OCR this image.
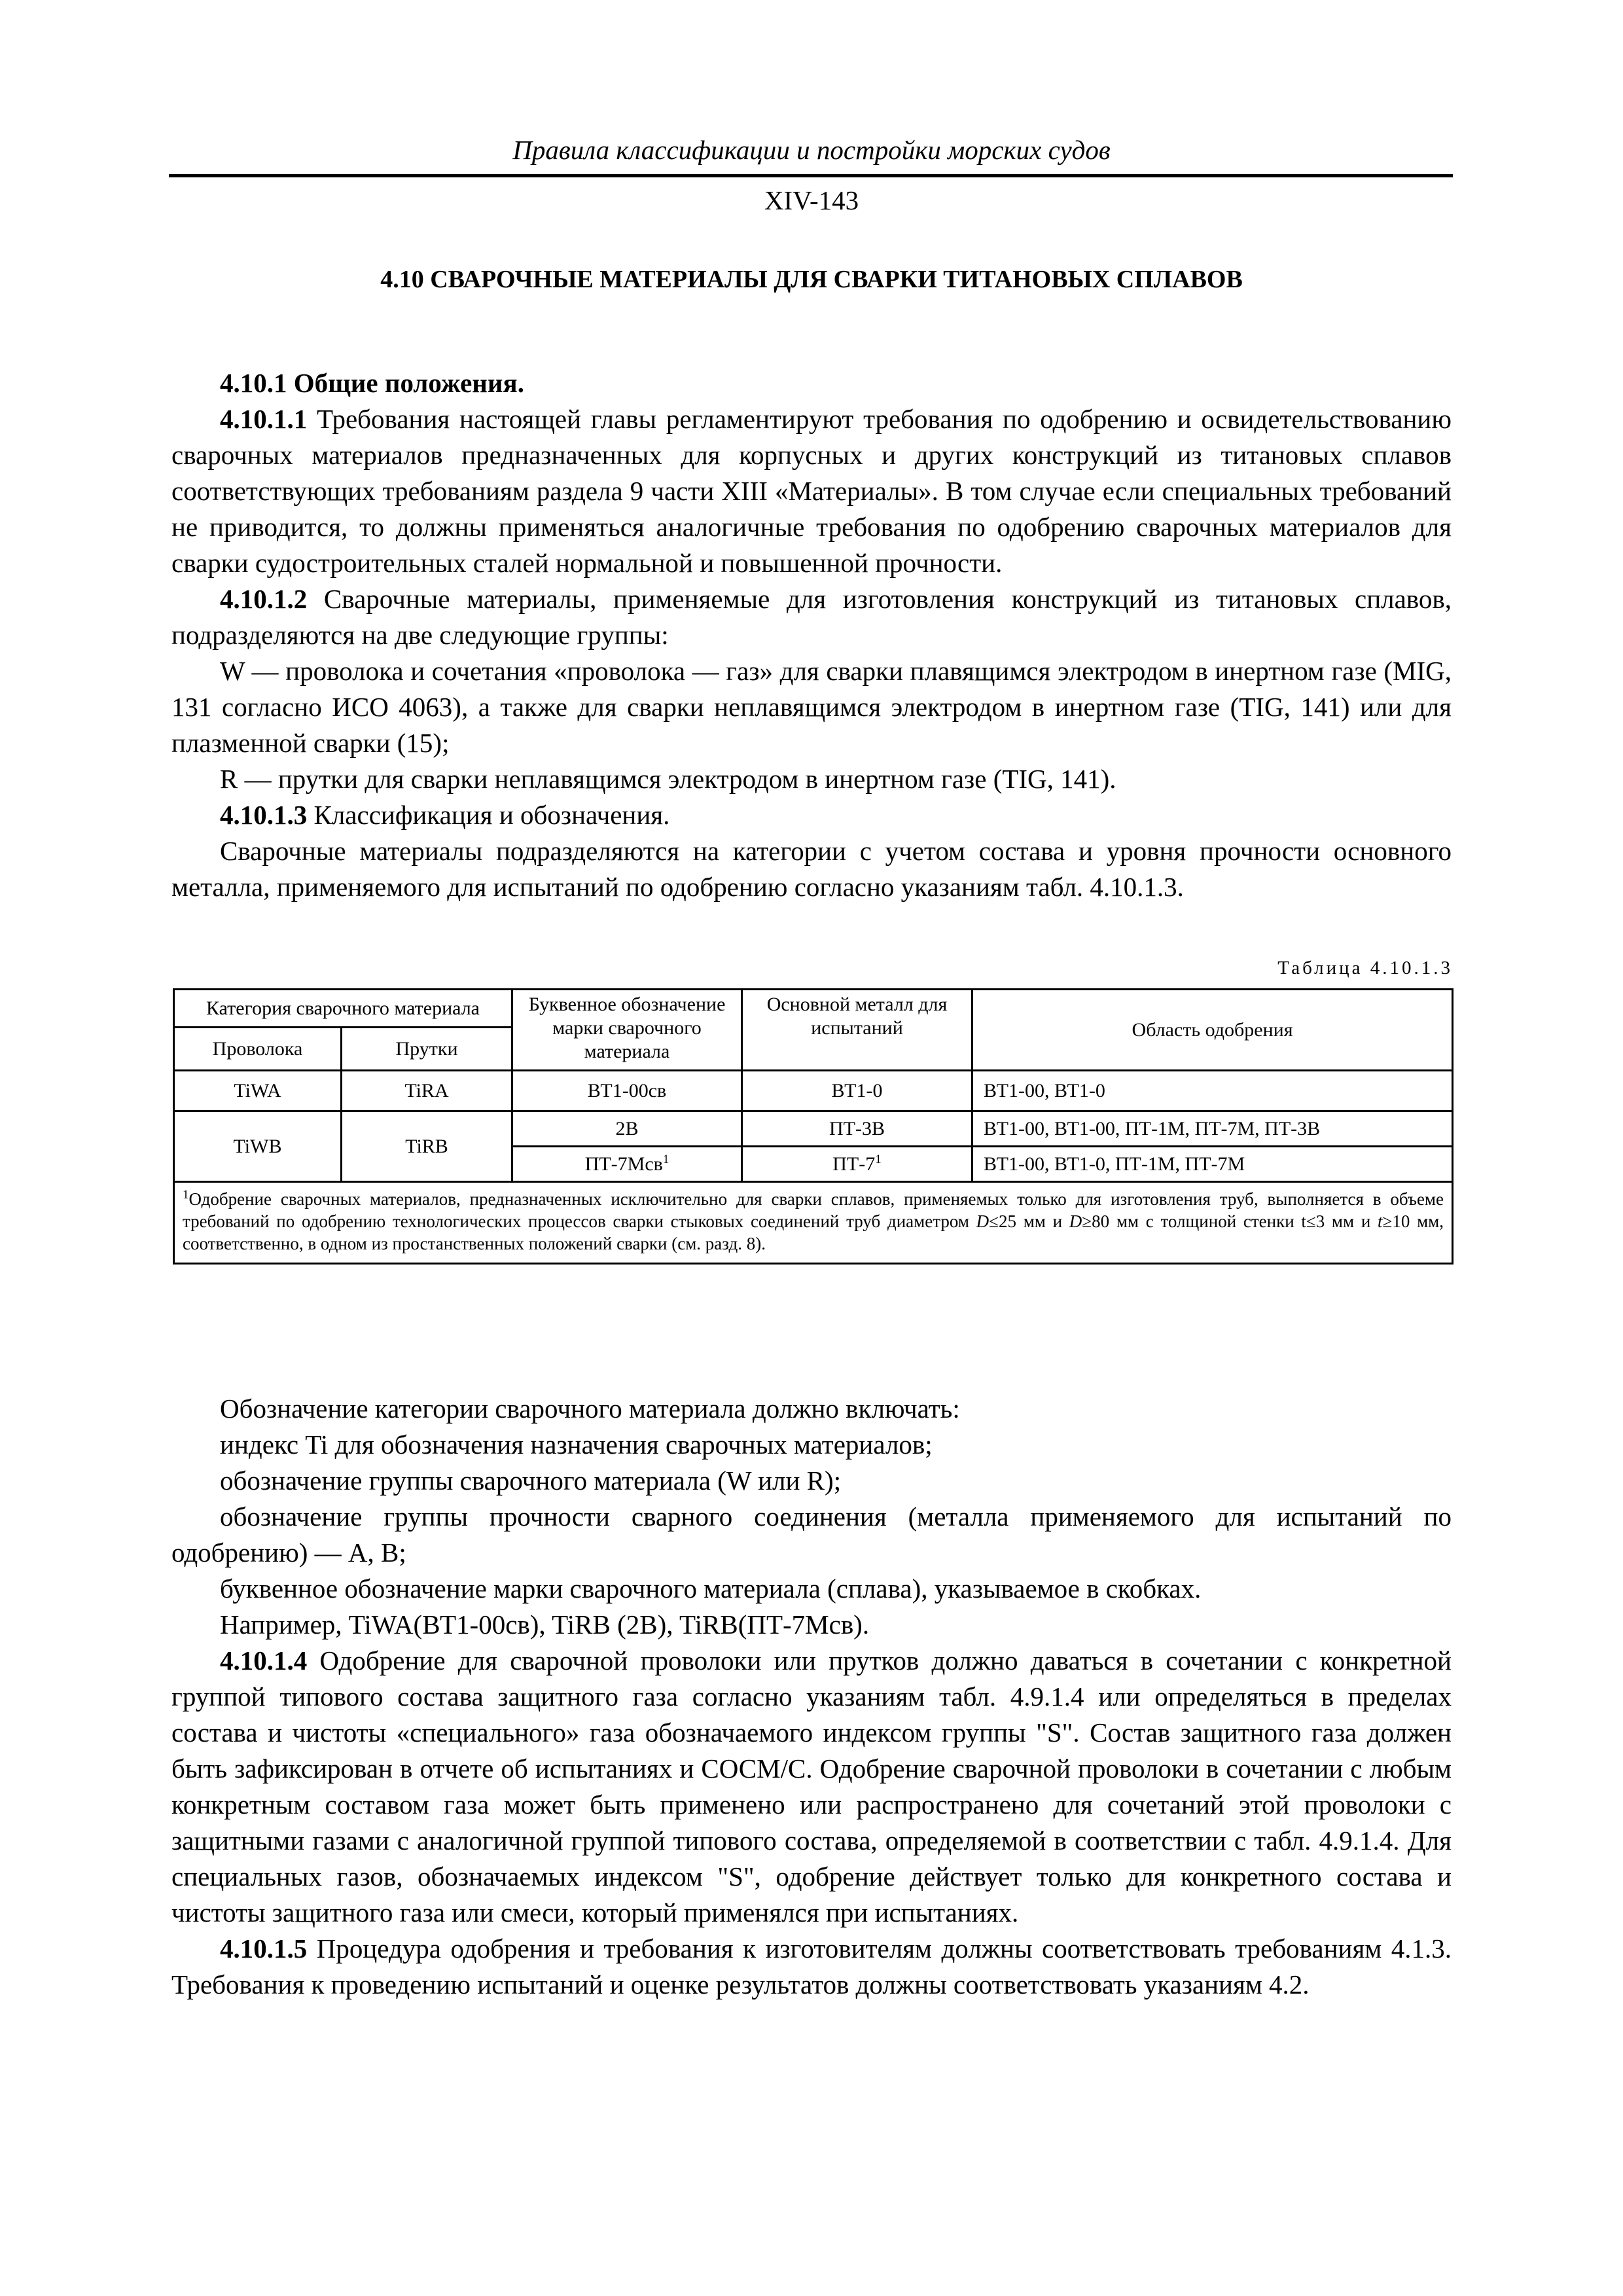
Правила классификации и постройки морских судов
XIV-143
4.10 СВАРОЧНЫЕ МАТЕРИАЛЫ ДЛЯ СВАРКИ ТИТАНОВЫХ СПЛАВОВ

4.10.1 Общие положения.

4.10.1.1 Требования настоящей главы регламентируют требования по одобрению и освидетельствованию сварочных материалов предназначенных для корпусных и других конструкций из титановых сплавов соответствующих требованиям раздела 9 части XIII «Материалы». В том случае если специальных требований не приводится, то должны применяться аналогичные требования по одобрению сварочных материалов для сварки судостроительных сталей нормальной и повышенной прочности.

4.10.1.2 Сварочные материалы, применяемые для изготовления конструкций из титановых сплавов, подразделяются на две следующие группы:

W — проволока и сочетания «проволока — газ» для сварки плавящимся электродом в инертном газе (MIG, 131 согласно ИСО 4063), а также для сварки неплавящимся электродом в инертном газе (TIG, 141) или для плазменной сварки (15);

R — прутки для сварки неплавящимся электродом в инертном газе (TIG, 141).

4.10.1.3 Классификация и обозначения.

Сварочные материалы подразделяются на категории с учетом состава и уровня прочности основного металла, применяемого для испытаний по одобрению согласно указаниям табл. 4.10.1.3.

Таблица 4.10.1.3
Категория сварочного материала		Буквенное обозначение марки сварочного материала	Основной металл для испытаний	Область одобрения
Проволока	Прутки			
TiWA	TiRA	ВТ1-00св	ВТ1-0	ВТ1-00, ВТ1-0
TiWB	TiRB	2В	ПТ-3В	ВТ1-00, ВТ1-00, ПТ-1М, ПТ-7М, ПТ-3В
		ПТ-7Мсв$^1$	$ПТ-7^1$	ВТ1-00, ВТ1-0, ПТ-1М, ПТ-7М
$^1$Одобрение сварочных материалов, предназначенных исключительно для сварки сплавов, применяемых только для изготовления труб, выполняется в объеме требований по одобрению технологических процессов сварки стыковых соединений труб диаметром D≤25 мм и D≥80 мм с толщиной стенки t≤3 мм и t≥10 мм, соответственно, в одном из простанственных положений сварки (см. разд. 8).				

Обозначение категории сварочного материала должно включать:

индекс Ti для обозначения назначения сварочных материалов;

обозначение группы сварочного материала (W или R);

обозначение группы прочности сварного соединения (металла применяемого для испытаний по одобрению) — А, В;

буквенное обозначение марки сварочного материала (сплава), указываемое в скобках.

Например, TiWA(ВТ1-00св), TiRB (2В), TiRB(ПТ-7Мсв).

4.10.1.4 Одобрение для сварочной проволоки или прутков должно даваться в сочетании с конкретной группой типового состава защитного газа согласно указаниям табл. 4.9.1.4 или определяться в пределах состава и чистоты «специального» газа обозначаемого индексом группы "S". Состав защитного газа должен быть зафиксирован в отчете об испытаниях и СОСМ/С. Одобрение сварочной проволоки в сочетании с любым конкретным составом газа может быть применено или распространено для сочетаний этой проволоки с защитными газами с аналогичной группой типового состава, определяемой в соответствии с табл. 4.9.1.4. Для специальных газов, обозначаемых индексом "S", одобрение действует только для конкретного состава и чистоты защитного газа или смеси, который применялся при испытаниях.

4.10.1.5 Процедура одобрения и требования к изготовителям должны соответствовать требованиям 4.1.3. Требования к проведению испытаний и оценке результатов должны соответствовать указаниям 4.2.
